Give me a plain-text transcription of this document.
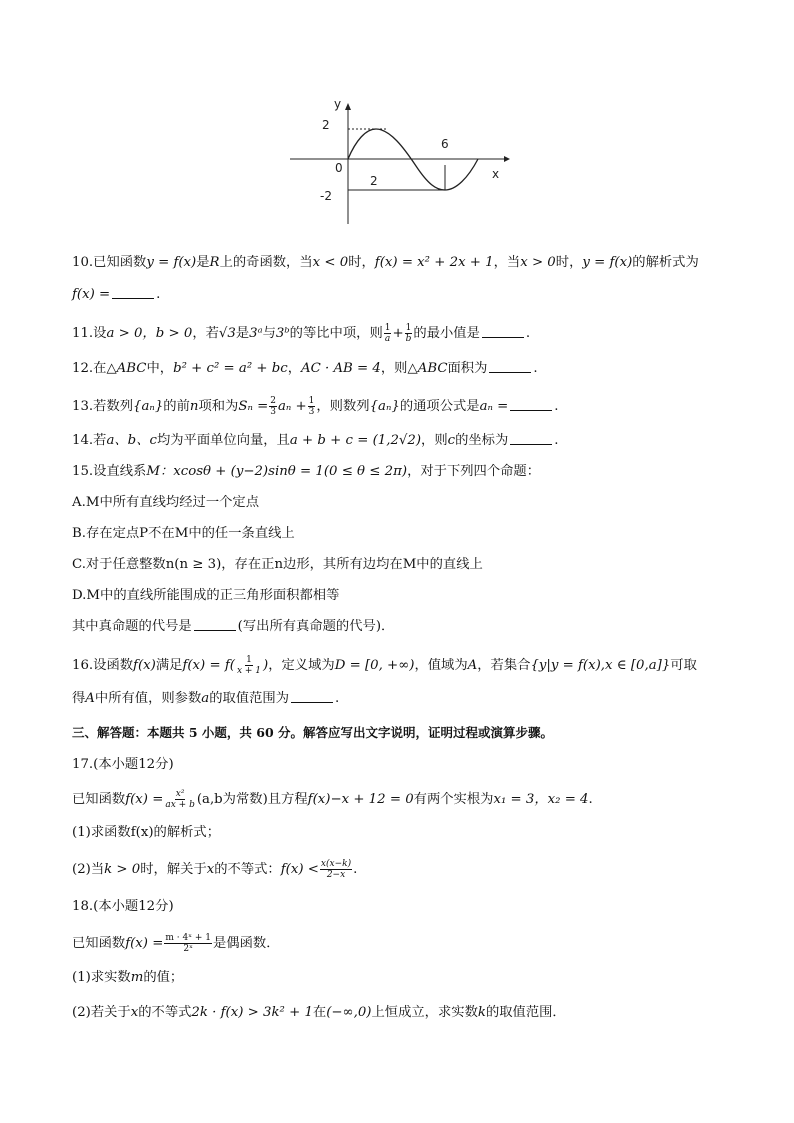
y
x
0
2
-2
2
6
10.已知函数y = f(x)是R上的奇函数，当x < 0时，f(x) = x² + 2x + 1，当x > 0时，y = f(x)的解析式为
f(x) =	.
11.设a > 0，b > 0，若√3是3ᵃ与3ᵇ的等比中项，则 $\frac{1}{a} + \frac{1}{b}$ 的最小值是	.
12.在△ABC中，b² + c² = a² + bc，AC · AB = 4，则△ABC面积为	.
13.若数列{aₙ}的前n项和为$S_n = \frac{2}{3}$ $a_n + \frac{1}{3}$ ，则数列{aₙ}的通项公式是aₙ =	.
14.若a、b、c均为平面单位向量，且a + b + c = (1,2√2)，则c的坐标为	.
15.设直线系M：xcosθ + (y−2)sinθ = 1(0 ≤ θ ≤ 2π)，对于下列四个命题：
A.M中所有直线均经过一个定点
B.存在定点P不在M中的任一条直线上
C.对于任意整数n(n ≥ 3)，存在正n边形，其所有边均在M中的直线上
D.M中的直线所能围成的正三角形面积都相等
其中真命题的代号是	(写出所有真命题的代号)．
16.设函数f(x)满足$f(x) = f( \frac{1}{x + 1}$ )，定义域为D = [0, +∞)，值域为A，若集合{y|y = f(x),x ∈ [0,a]}可取
得A中所有值，则参数a的取值范围为	.
三、解答题：本题共 5 小题，共 60 分。解答应写出文字说明，证明过程或演算步骤。
17.(本小题12分)
已知函数$f(x) = \frac{\text{x²}}{ax + b} (a,b$为常数)且方程f(x)−x + 12 = 0有两个实根为x₁ = 3，x₂ = 4.
(1)求函数f(x)的解析式；
(2)当k > 0时，解关于x的不等式：$f(x) < \frac{x(x-k)}{2-x}$ .
18.(本小题12分)
已知函数$f(x) = \frac{\text{m · 4ˣ + 1}}{\text{2ˣ}}$ 是偶函数．
(1)求实数m的值；
(2)若关于x的不等式2k · f(x) > 3k² + 1在(−∞,0)上恒成立，求实数k的取值范围．
